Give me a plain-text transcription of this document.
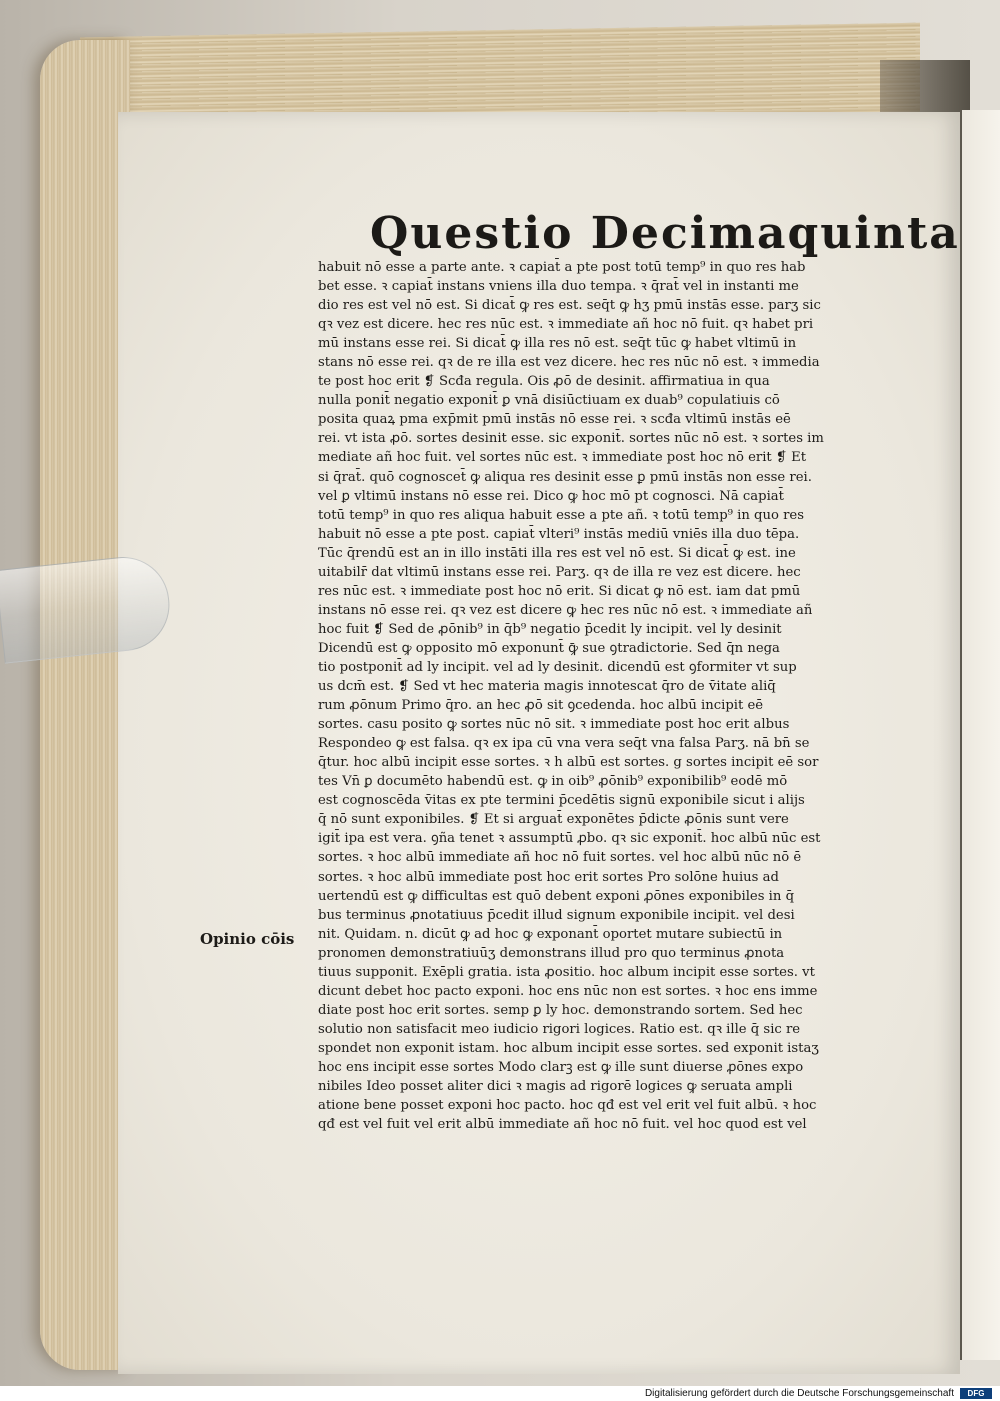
Questio Decimaquinta
habuit nō esse a parte ante. ꝛ capiat̄ a pte post totū temp⁹ in quo res hab
bet esse. ꝛ capiat̄ instans vniens illa duo tempa. ꝛ q̄rat̄ vel in instanti me
dio res est vel nō est. Si dicat̄ ꝙ res est. seq̄t ꝙ hʒ pmū instās esse. parʒ sic
qꝛ vez est dicere. hec res nūc est. ꝛ immediate añ hoc nō fuit. qꝛ habet pri
mū instans esse rei. Si dicat̄ ꝙ illa res nō est. seq̄t tūc ꝙ habet vltimū in
stans nō esse rei. qꝛ de re illa est vez dicere. hec res nūc nō est. ꝛ immedia
te post hoc erit ❡ Scđa regula. Ois ꝓō de desinit. affirmatiua in qua
nulla ponit̄ negatio exponit̄ ꝑ vnā disiūctiuam ex duab⁹ copulatiuis cō
posita quaꝝ pma exp̄mit pmū instās nō esse rei. ꝛ scđa vltimū instās eē
rei. vt ista ꝓō. sortes desinit esse. sic exponit̄. sortes nūc nō est. ꝛ sortes im
mediate añ hoc fuit. vel sortes nūc est. ꝛ immediate post hoc nō erit ❡ Et
si q̄rat̄. quō cognoscet̄ ꝙ aliqua res desinit esse ꝑ pmū instās non esse rei.
vel ꝑ vltimū instans nō esse rei. Dico ꝙ hoc mō pt cognosci. Nā capiat̄
totū temp⁹ in quo res aliqua habuit esse a pte añ. ꝛ totū temp⁹ in quo res
habuit nō esse a pte post. capiat̄ vlteri⁹ instās mediū vniēs illa duo tēpa.
Tūc q̄rendū est an in illo instāti illa res est vel nō est. Si dicat̄ ꝙ est. ine
uitabilr̄ dat vltimū instans esse rei. Parʒ. qꝛ de illa re vez est dicere. hec
res nūc est. ꝛ immediate post hoc nō erit. Si dicat ꝙ nō est. iam dat pmū
instans nō esse rei. qꝛ vez est dicere ꝙ hec res nūc nō est. ꝛ immediate añ
hoc fuit ❡ Sed de ꝓōnib⁹ in q̄b⁹ negatio p̄cedit ly incipit. vel ly desinit
Dicendū est ꝙ opposito mō exponunt̄ ꝙ̄ sue ꝯtradictorie. Sed q̄n nega
tio postponit̄ ad ly incipit. vel ad ly desinit. dicendū est ꝯformiter vt sup
us dcm̄ est. ❡ Sed vt hec materia magis innotescat q̄ro de v̄itate aliq̄
rum ꝓōnum Primo q̄ro. an hec ꝓō sit ꝯcedenda. hoc albū incipit eē
sortes. casu posito ꝙ sortes nūc nō sit. ꝛ immediate post hoc erit albus
Respondeo ꝙ est falsa. qꝛ ex ipa cū vna vera seq̄t vna falsa Parʒ. nā bn̄ se
q̄tur. hoc albū incipit esse sortes. ꝛ h albū est sortes. g sortes incipit eē sor
tes Vn̄ ꝑ documēto habendū est. ꝙ in oib⁹ ꝓōnib⁹ exponibilib⁹ eodē mō
est cognoscēda v̄itas ex pte termini p̄cedētis signū exponibile sicut i alijs
q̄ nō sunt exponibiles. ❡ Et si arguat̄ exponētes p̄dicte ꝓōnis sunt vere
igit̄ ipa est vera. ꝯña tenet ꝛ assumptū ꝓbo. qꝛ sic exponit̄. hoc albū nūc est
sortes. ꝛ hoc albū immediate añ hoc nō fuit sortes. vel hoc albū nūc nō ē
sortes. ꝛ hoc albū immediate post hoc erit sortes Pro solōne huius ad
uertendū est ꝙ difficultas est quō debent exponi ꝓōnes exponibiles in q̄
bus terminus ꝓnotatiuus p̄cedit illud signum exponibile incipit. vel desi
nit. Quidam. n. dicūt ꝙ ad hoc ꝙ exponant̄ oportet mutare subiectū in
pronomen demonstratiuūʒ demonstrans illud pro quo terminus ꝓnota
tiuus supponit. Exēpli gratia. ista ꝓositio. hoc album incipit esse sortes. vt
dicunt debet hoc pacto exponi. hoc ens nūc non est sortes. ꝛ hoc ens imme
diate post hoc erit sortes. semp ꝑ ly hoc. demonstrando sortem. Sed hec
solutio non satisfacit meo iudicio rigori logices. Ratio est. qꝛ ille q̄ sic re
spondet non exponit istam. hoc album incipit esse sortes. sed exponit istaʒ
hoc ens incipit esse sortes Modo clarꝫ est ꝙ ille sunt diuerse ꝓōnes expo
nibiles Ideo posset aliter dici ꝛ magis ad rigorē logices ꝙ seruata ampli
atione bene posset exponi hoc pacto. hoc qđ est vel erit vel fuit albū. ꝛ hoc
qđ est vel fuit vel erit albū immediate añ hoc nō fuit. vel hoc quod est vel
Opinio cōis
Digitalisierung gefördert durch die Deutsche Forschungsgemeinschaft	DFG
